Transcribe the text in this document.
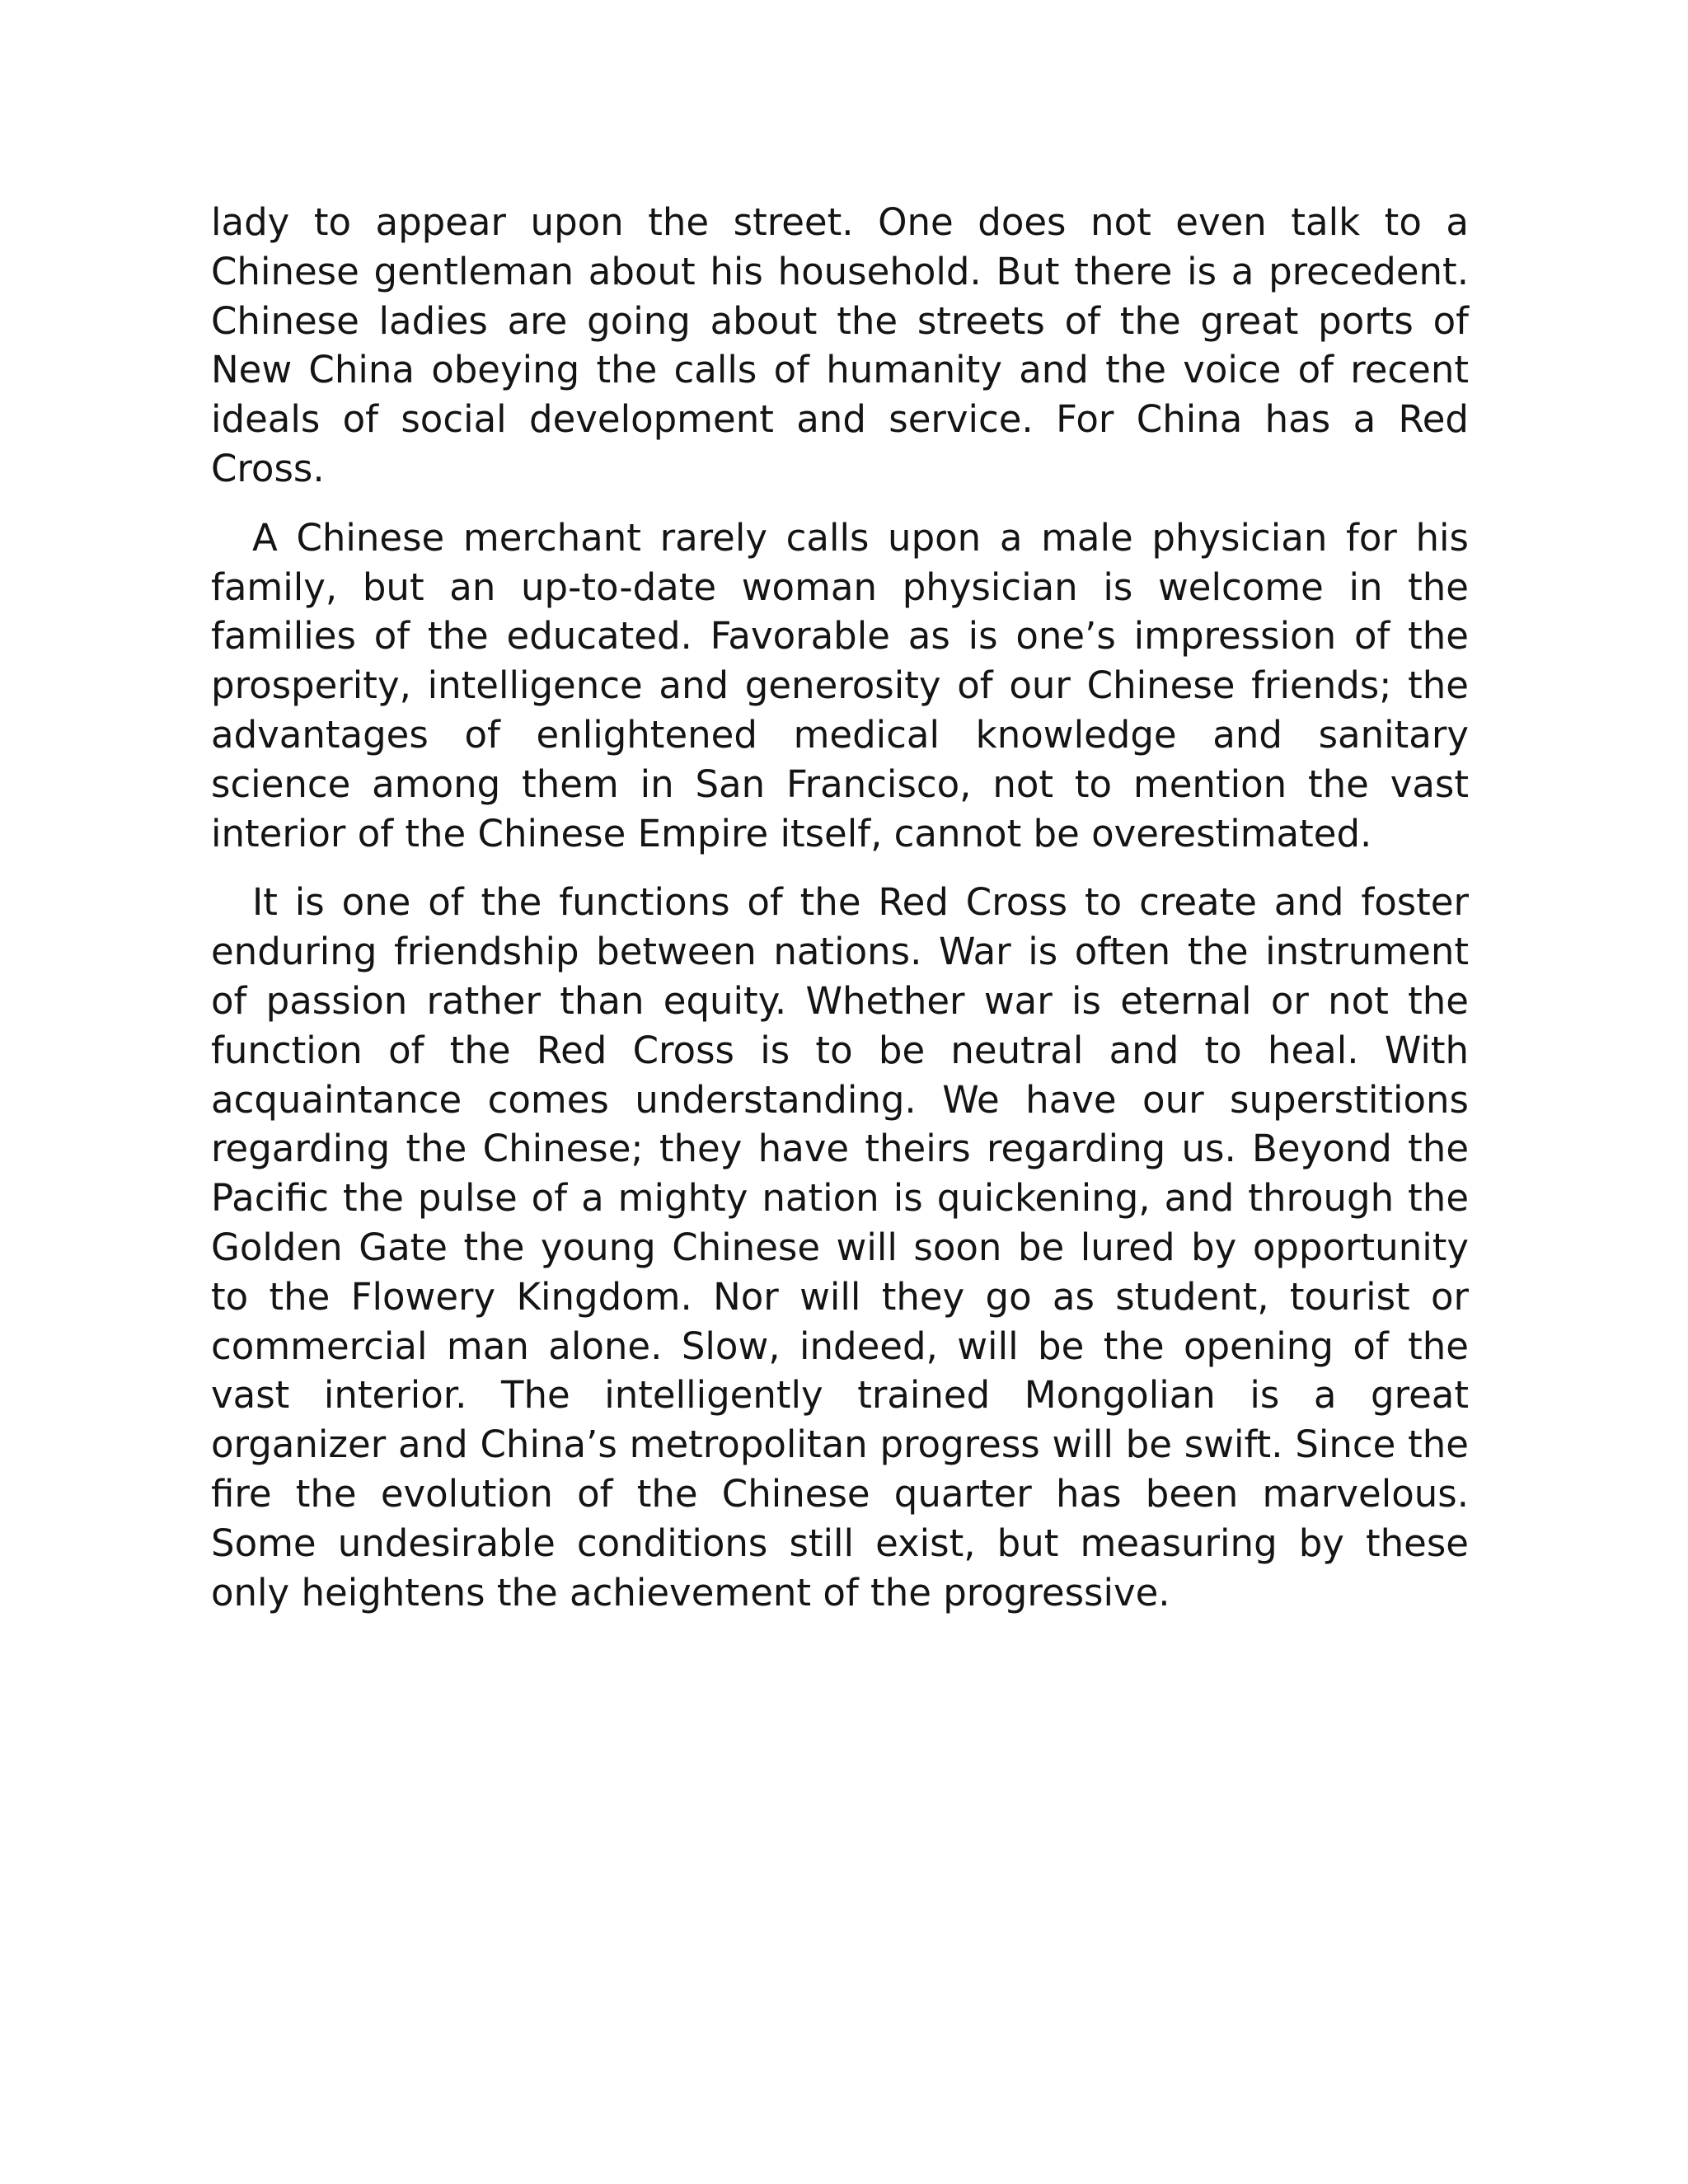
lady to appear upon the street. One does not even talk to a Chinese gentleman about his household. But there is a precedent. Chinese ladies are going about the streets of the great ports of New China obeying the calls of humanity and the voice of recent ideals of social development and service. For China has a Red Cross.

A Chinese merchant rarely calls upon a male physician for his family, but an up-to-date woman physician is welcome in the families of the educated. Favorable as is one’s impression of the prosperity, intelligence and generosity of our Chinese friends; the advantages of enlightened medical knowledge and sanitary science among them in San Francisco, not to mention the vast interior of the Chinese Empire itself, cannot be overestimated.

It is one of the functions of the Red Cross to create and foster enduring friendship between nations. War is often the instrument of passion rather than equity. Whether war is eternal or not the function of the Red Cross is to be neutral and to heal. With acquaintance comes understanding. We have our superstitions regarding the Chinese; they have theirs regarding us. Beyond the Pacific the pulse of a mighty nation is quickening, and through the Golden Gate the young Chinese will soon be lured by opportunity to the Flowery Kingdom. Nor will they go as student, tourist or commercial man alone. Slow, indeed, will be the opening of the vast interior. The intelligently trained Mongolian is a great organizer and China’s metropolitan progress will be swift. Since the fire the evolution of the Chinese quarter has been marvelous. Some undesirable conditions still exist, but measuring by these only heightens the achievement of the progressive.
